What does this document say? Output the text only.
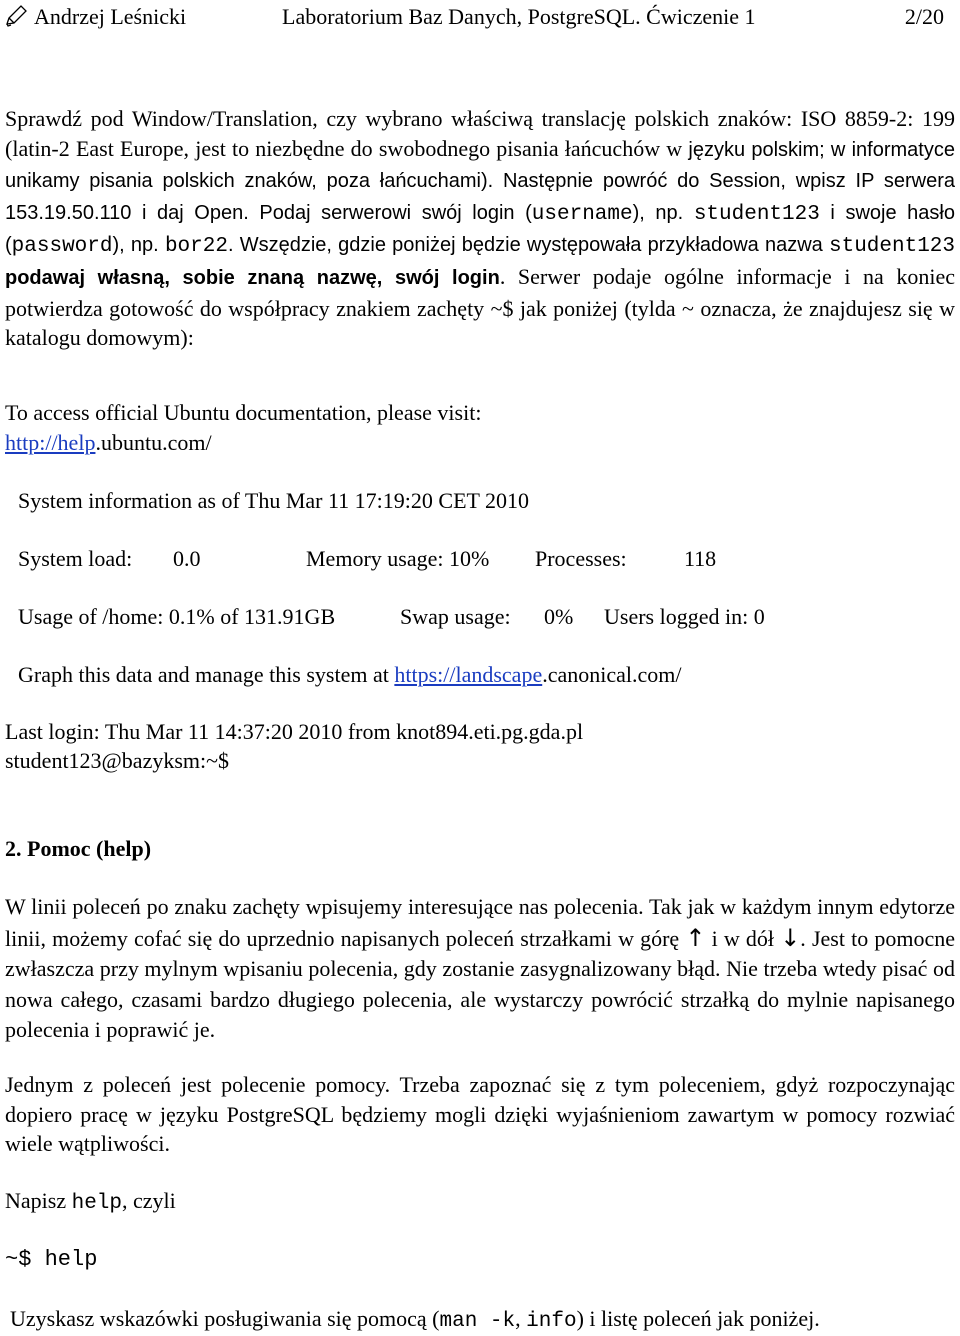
Andrzej Leśnicki	Laboratorium Baz Danych, PostgreSQL. Ćwiczenie 1	2/20
Sprawdź pod Window/Translation, czy wybrano właściwą translację polskich znaków: ISO 8859-2: 199 (latin-2 East Europe, jest to niezbędne do swobodnego pisania łańcuchów w języku polskim; w informatyce unikamy pisania polskich znaków, poza łańcuchami). Następnie powróć do Session, wpisz IP serwera 153.19.50.110 i daj Open. Podaj serwerowi swój login (username), np. student123 i swoje hasło (password), np. bor22. Wszędzie, gdzie poniżej będzie występowała przykładowa nazwa student123 podawaj własną, sobie znaną nazwę, swój login. Serwer podaje ogólne informacje i na koniec potwierdza gotowość do współpracy znakiem zachęty ~$ jak poniżej (tylda ~ oznacza, że znajdujesz się w katalogu domowym):
To access official Ubuntu documentation, please visit:
http://help.ubuntu.com/
System information as of Thu Mar 11 17:19:20 CET 2010
System load: 0.0	Memory usage: 10% Processes:	118
Usage of /home: 0.1% of 131.91GB	Swap usage: 0% Users logged in: 0
Graph this data and manage this system at https://landscape.canonical.com/
Last login: Thu Mar 11 14:37:20 2010 from knot894.eti.pg.gda.pl
student123@bazyksm:~$
2. Pomoc (help)
W linii poleceń po znaku zachęty wpisujemy interesujące nas polecenia. Tak jak w każdym innym edytorze linii, możemy cofać się do uprzednio napisanych poleceń strzałkami w górę ↑ i w dół ↓. Jest to pomocne zwłaszcza przy mylnym wpisaniu polecenia, gdy zostanie zasygnalizowany błąd. Nie trzeba wtedy pisać od nowa całego, czasami bardzo długiego polecenia, ale wystarczy powrócić strzałką do mylnie napisanego polecenia i poprawić je.
Jednym z poleceń jest polecenie pomocy. Trzeba zapoznać się z tym poleceniem, gdyż rozpoczynając dopiero pracę w języku PostgreSQL będziemy mogli dzięki wyjaśnieniom zawartym w pomocy rozwiać wiele wątpliwości.
Napisz help, czyli
~$ help
Uzyskasz wskazówki posługiwania się pomocą (man -k, info) i listę poleceń jak poniżej.
